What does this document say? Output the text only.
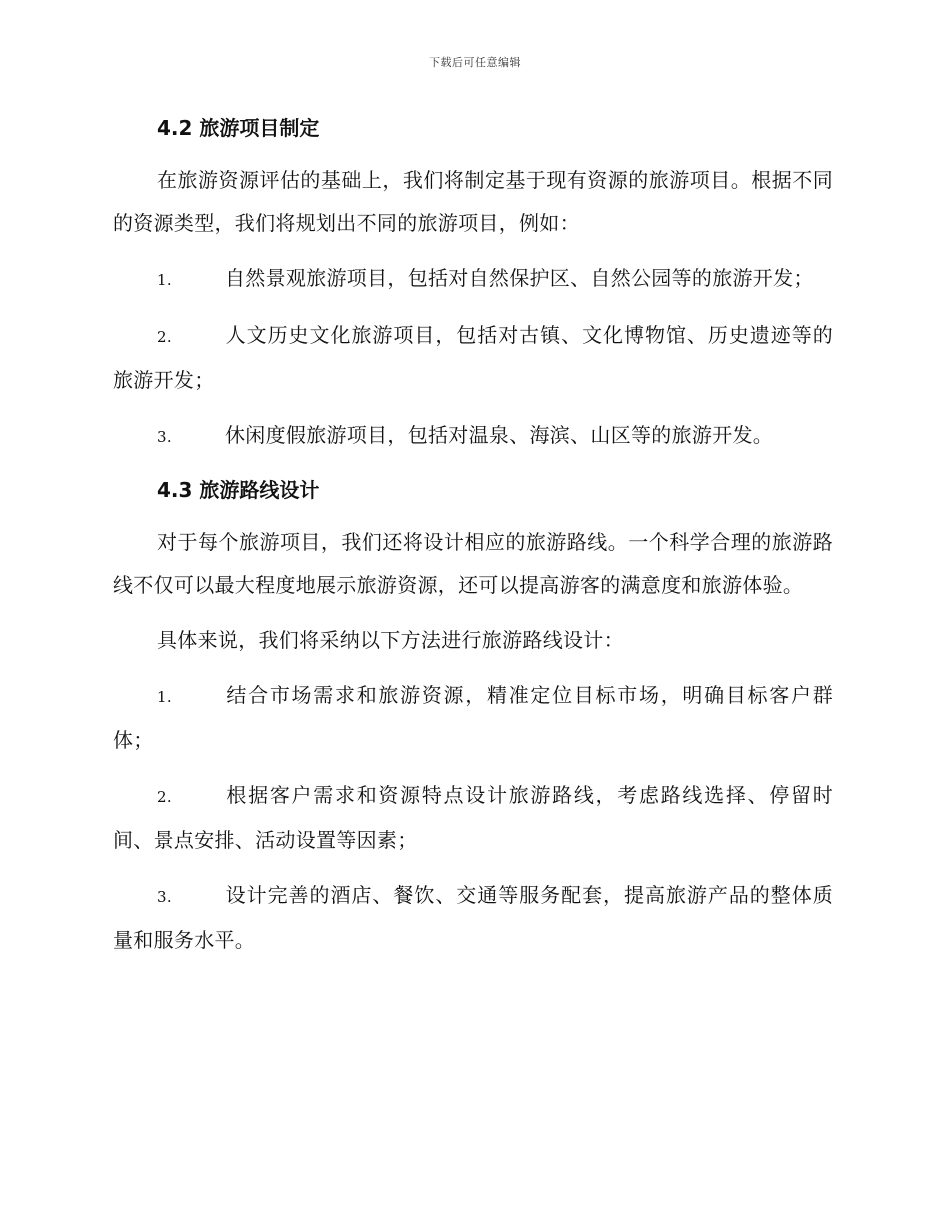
下载后可任意编辑
4.2 旅游项目制定

在旅游资源评估的基础上，我们将制定基于现有资源的旅游项目。根据不同的资源类型，我们将规划出不同的旅游项目，例如：

1.	自然景观旅游项目，包括对自然保护区、自然公园等的旅游开发；

2.	人文历史文化旅游项目，包括对古镇、文化博物馆、历史遗迹等的旅游开发；

3.	休闲度假旅游项目，包括对温泉、海滨、山区等的旅游开发。

4.3 旅游路线设计

对于每个旅游项目，我们还将设计相应的旅游路线。一个科学合理的旅游路线不仅可以最大程度地展示旅游资源，还可以提高游客的满意度和旅游体验。

具体来说，我们将采纳以下方法进行旅游路线设计：

1.	结合市场需求和旅游资源，精准定位目标市场，明确目标客户群体；

2.	根据客户需求和资源特点设计旅游路线，考虑路线选择、停留时间、景点安排、活动设置等因素；

3.	设计完善的酒店、餐饮、交通等服务配套，提高旅游产品的整体质量和服务水平。
